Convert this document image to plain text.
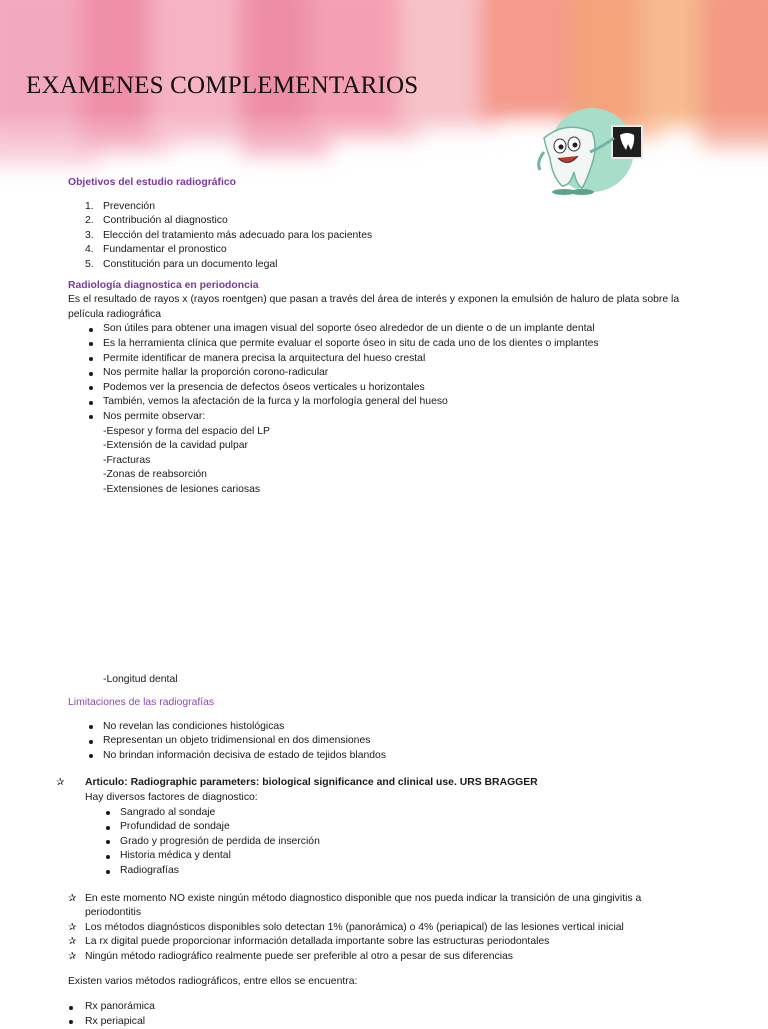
EXAMENES COMPLEMENTARIOS

Objetivos del estudio radiográfico

1. Prevención
2. Contribución al diagnostico
3. Elección del tratamiento más adecuado para los pacientes
4. Fundamentar el pronostico
5. Constitución para un documento legal

Radiología diagnostica en periodoncia

Es el resultado de rayos x (rayos roentgen) que pasan a través del área de interés y exponen la emulsión de haluro de plata sobre la

película radiográfica

Son útiles para obtener una imagen visual del soporte óseo alrededor de un diente o de un implante dental
Es la herramienta clínica que permite evaluar el soporte óseo in situ de cada uno de los dientes o implantes
Permite identificar de manera precisa la arquitectura del hueso crestal
Nos permite hallar la proporción corono-radicular
Podemos ver la presencia de defectos óseos verticales u horizontales
También, vemos la afectación de la furca y la morfología general del hueso
Nos permite observar:
-Espesor y forma del espacio del LP
-Extensión de la cavidad pulpar
-Fracturas
-Zonas de reabsorción
-Extensiones de lesiones cariosas
-Longitud dental

Limitaciones de las radiografías

No revelan las condiciones histológicas
Representan un objeto tridimensional en dos dimensiones
No brindan información decisiva de estado de tejidos blandos
✰ Articulo: Radiographic parameters: biological significance and clinical use. URS BRAGGER
Hay diversos factores de diagnostico:
Sangrado al sondaje
Profundidad de sondaje
Grado y progresión de perdida de inserción
Historia médica y dental
Radiografías
✰ En este momento NO existe ningún método diagnostico disponible que nos pueda indicar la transición de una gingivitis a
periodontitis
✰ Los métodos diagnósticos disponibles solo detectan 1% (panorámica) o 4% (periapical) de las lesiones vertical inicial
✰ La rx digital puede proporcionar información detallada importante sobre las estructuras periodontales
✰ Ningún método radiográfico realmente puede ser preferible al otro a pesar de sus diferencias

Existen varios métodos radiográficos, entre ellos se encuentra:

Rx panorámica
Rx periapical
